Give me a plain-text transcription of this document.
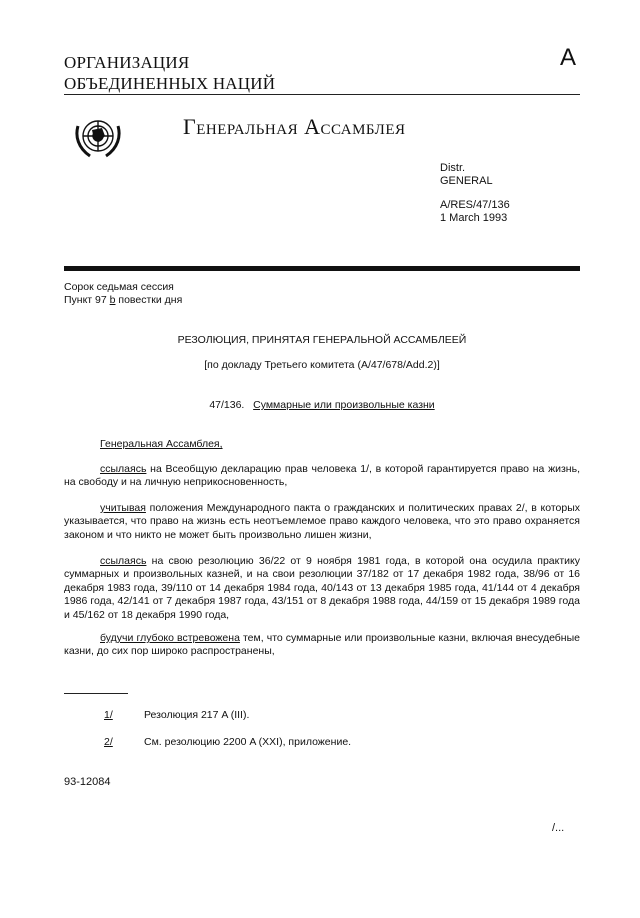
ОРГАНИЗАЦИЯ
ОБЪЕДИНЕННЫХ НАЦИЙ
A
Генеральная Ассамблея
Distr.
GENERAL
A/RES/47/136
1 March 1993
Сорок седьмая сессия
Пункт 97 b повестки дня
РЕЗОЛЮЦИЯ, ПРИНЯТАЯ ГЕНЕРАЛЬНОЙ АССАМБЛЕЕЙ
[по докладу Третьего комитета (A/47/678/Add.2)]
47/136. Суммарные или произвольные казни
Генеральная Ассамблея,
ссылаясь на Всеобщую декларацию прав человека 1/, в которой гарантируется право на жизнь, на свободу и на личную неприкосновенность,
учитывая положения Международного пакта о гражданских и политических правах 2/, в которых указывается, что право на жизнь есть неотъемлемое право каждого человека, что это право охраняется законом и что никто не может быть произвольно лишен жизни,
ссылаясь на свою резолюцию 36/22 от 9 ноября 1981 года, в которой она осудила практику суммарных и произвольных казней, и на свои резолюции 37/182 от 17 декабря 1982 года, 38/96 от 16 декабря 1983 года, 39/110 от 14 декабря 1984 года, 40/143 от 13 декабря 1985 года, 41/144 от 4 декабря 1986 года, 42/141 от 7 декабря 1987 года, 43/151 от 8 декабря 1988 года, 44/159 от 15 декабря 1989 года и 45/162 от 18 декабря 1990 года,
будучи глубоко встревожена тем, что суммарные или произвольные казни, включая внесудебные казни, до сих пор широко распространены,
1/	Резолюция 217 A (III).
2/	См. резолюцию 2200 A (XXI), приложение.
93-12084
/...
